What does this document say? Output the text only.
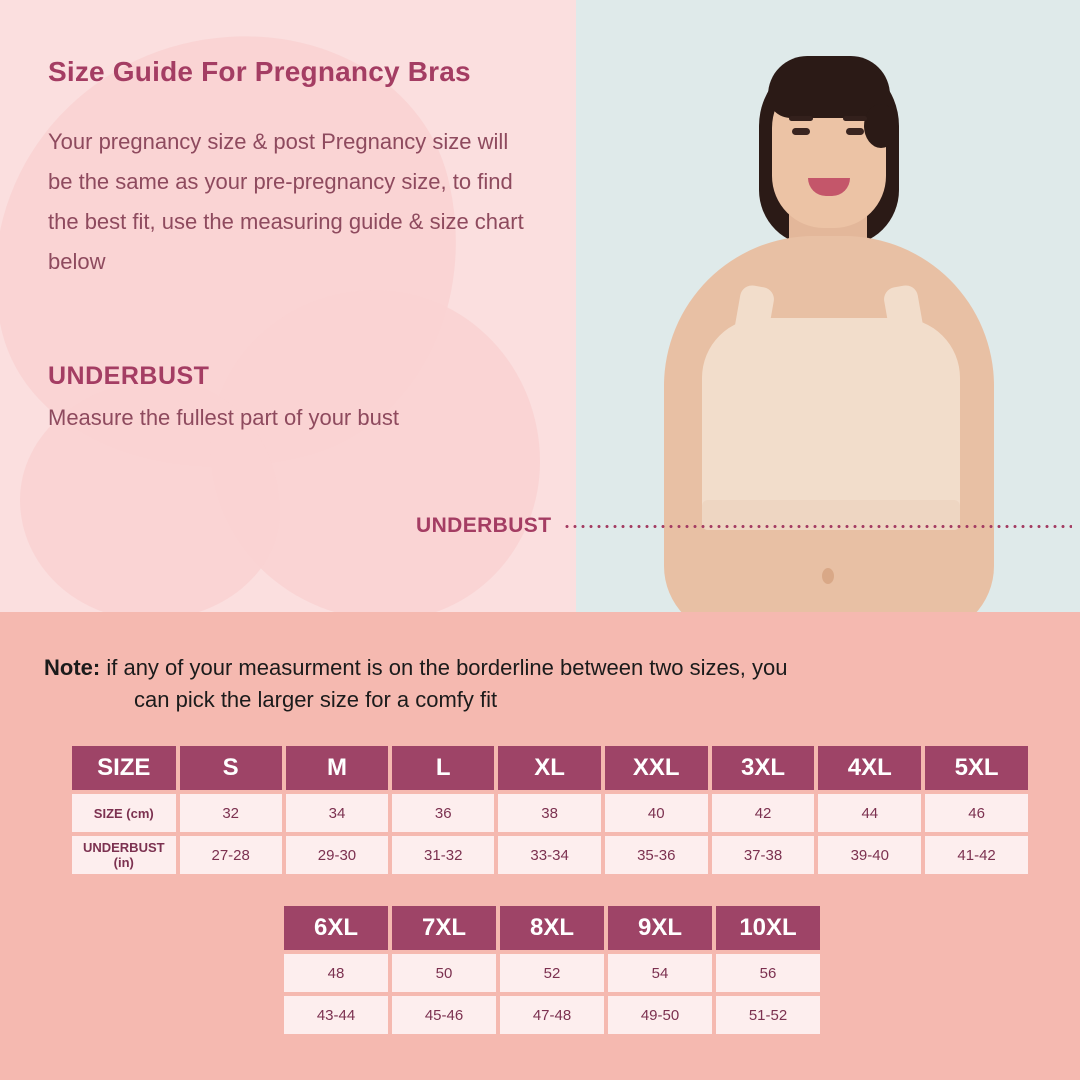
Size Guide For Pregnancy Bras
Your pregnancy size & post Pregnancy size will be the same as your pre-pregnancy size, to find the best fit, use the measuring guide & size chart below
UNDERBUST
Measure the fullest part of your bust
UNDERBUST
Note: if any of your measurment is on the borderline between two sizes, you
can pick the larger size for a comfy fit
SIZE	S	M	L	XL	XXL	3XL	4XL	5XL
SIZE (cm)	32	34	36	38	40	42	44	46
UNDERBUST (in)	27-28	29-30	31-32	33-34	35-36	37-38	39-40	41-42
6XL	7XL	8XL	9XL	10XL
48	50	52	54	56
43-44	45-46	47-48	49-50	51-52
